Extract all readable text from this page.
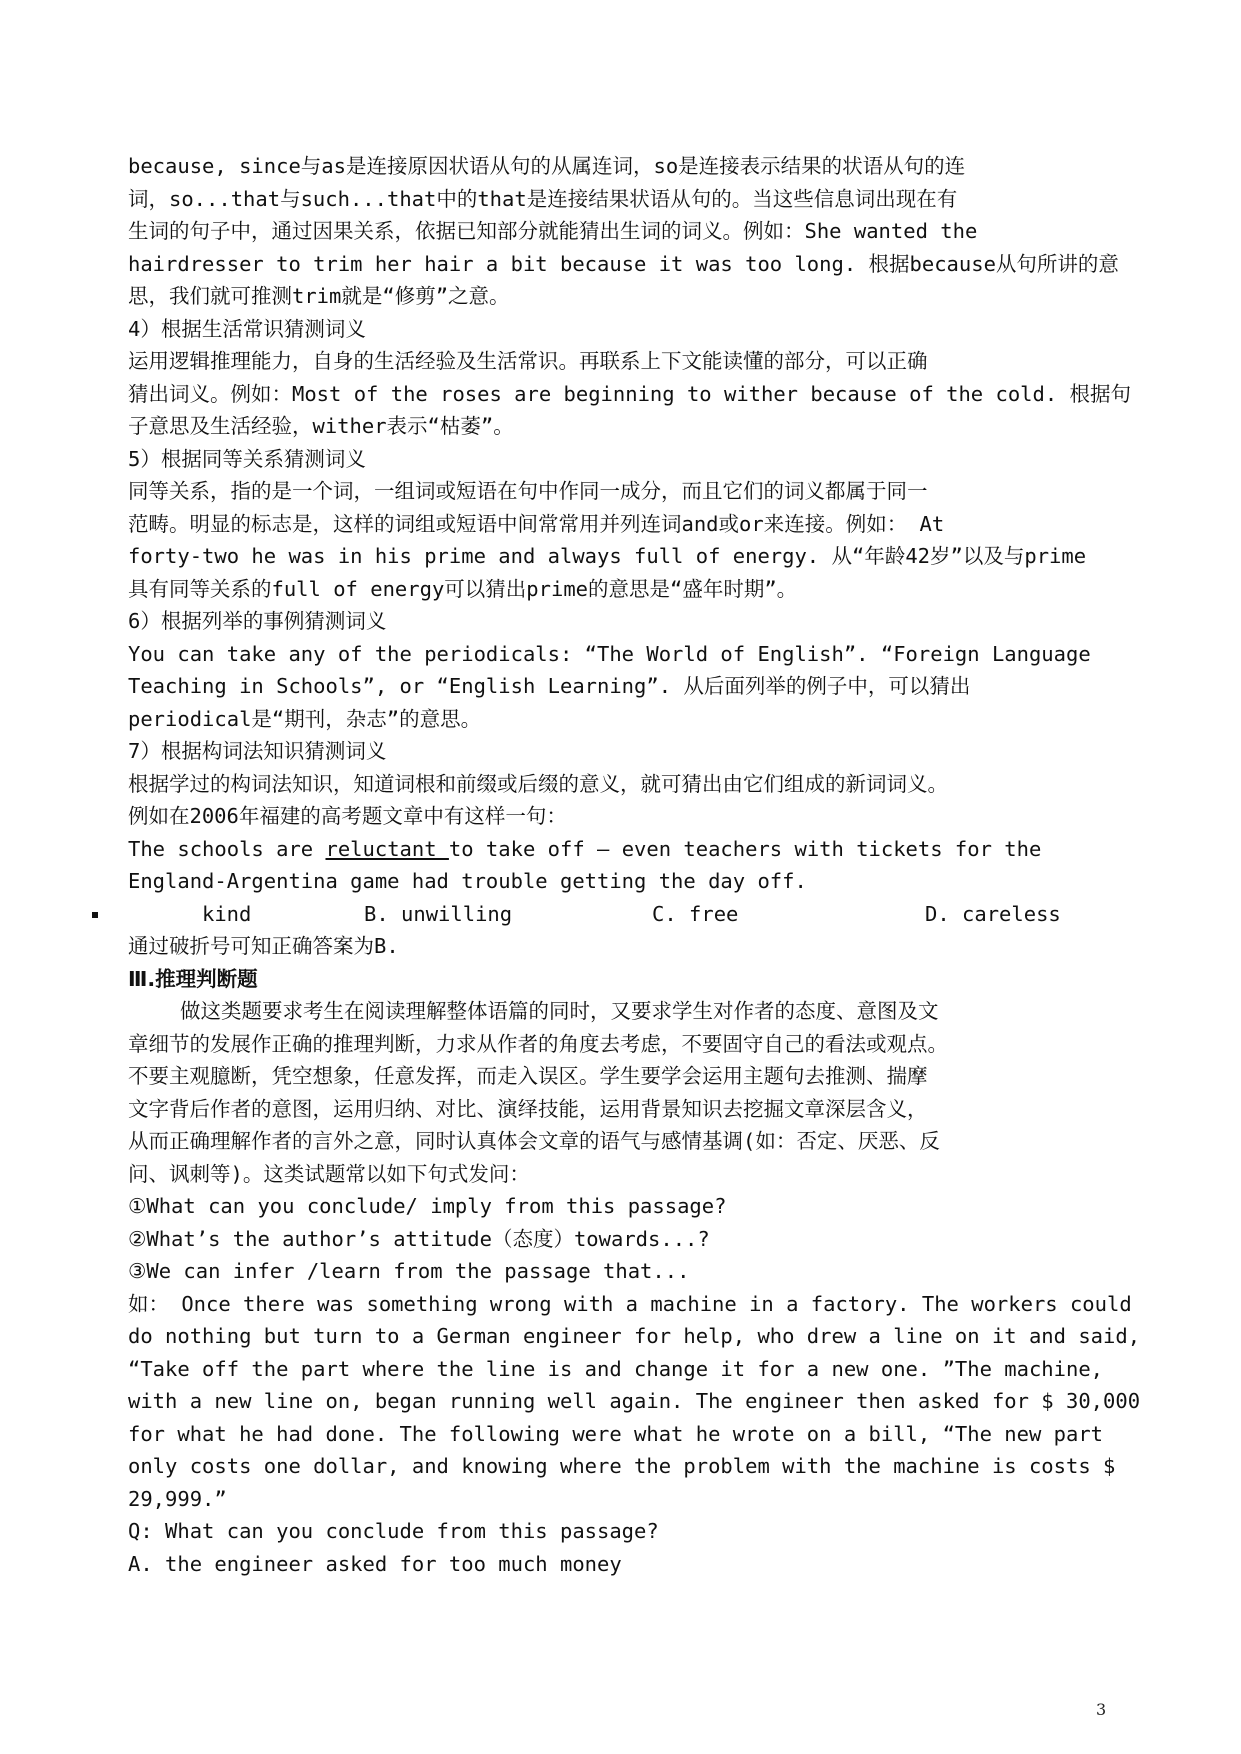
because, since与as是连接原因状语从句的从属连词，so是连接表示结果的状语从句的连
词，so...that与such...that中的that是连接结果状语从句的。当这些信息词出现在有
生词的句子中，通过因果关系，依据已知部分就能猜出生词的词义。例如：She wanted the
hairdresser to trim her hair a bit because it was too long. 根据because从句所讲的意
思，我们就可推测trim就是“修剪”之意。
4）根据生活常识猜测词义
运用逻辑推理能力，自身的生活经验及生活常识。再联系上下文能读懂的部分，可以正确
猜出词义。例如：Most of the roses are beginning to wither because of the cold. 根据句
子意思及生活经验，wither表示“枯萎”。
5）根据同等关系猜测词义
同等关系，指的是一个词，一组词或短语在句中作同一成分，而且它们的词义都属于同一
范畴。明显的标志是，这样的词组或短语中间常常用并列连词and或or来连接。例如： At
forty-two he was in his prime and always full of energy. 从“年龄42岁”以及与prime
具有同等关系的full of energy可以猜出prime的意思是“盛年时期”。
6）根据列举的事例猜测词义
You can take any of the periodicals: “The World of English”. “Foreign Language
Teaching in Schools”, or “English Learning”. 从后面列举的例子中，可以猜出
periodical是“期刊，杂志”的意思。
7）根据构词法知识猜测词义
根据学过的构词法知识，知道词根和前缀或后缀的意义，就可猜出由它们组成的新词词义。
例如在2006年福建的高考题文章中有这样一句：
The schools are reluctant to take off — even teachers with tickets for the
England-Argentina game had trouble getting the day off.
kind	B. unwilling	C. free	D. careless
通过破折号可知正确答案为B.
Ⅲ.推理判断题
做这类题要求考生在阅读理解整体语篇的同时，又要求学生对作者的态度、意图及文
章细节的发展作正确的推理判断，力求从作者的角度去考虑，不要固守自己的看法或观点。
不要主观臆断，凭空想象，任意发挥，而走入误区。学生要学会运用主题句去推测、揣摩
文字背后作者的意图，运用归纳、对比、演绎技能，运用背景知识去挖掘文章深层含义，
从而正确理解作者的言外之意，同时认真体会文章的语气与感情基调(如：否定、厌恶、反
问、讽刺等)。这类试题常以如下句式发问：
①What can you conclude/ imply from this passage?
②What’s the author’s attitude（态度）towards...?
③We can infer /learn from the passage that...
如： Once there was something wrong with a machine in a factory. The workers could
do nothing but turn to a German engineer for help, who drew a line on it and said,
“Take off the part where the line is and change it for a new one. ”The machine,
with a new line on, began running well again. The engineer then asked for $ 30,000
for what he had done. The following were what he wrote on a bill, “The new part
only costs one dollar, and knowing where the problem with the machine is costs $
29,999.”
Q: What can you conclude from this passage?
A. the engineer asked for too much money
3
